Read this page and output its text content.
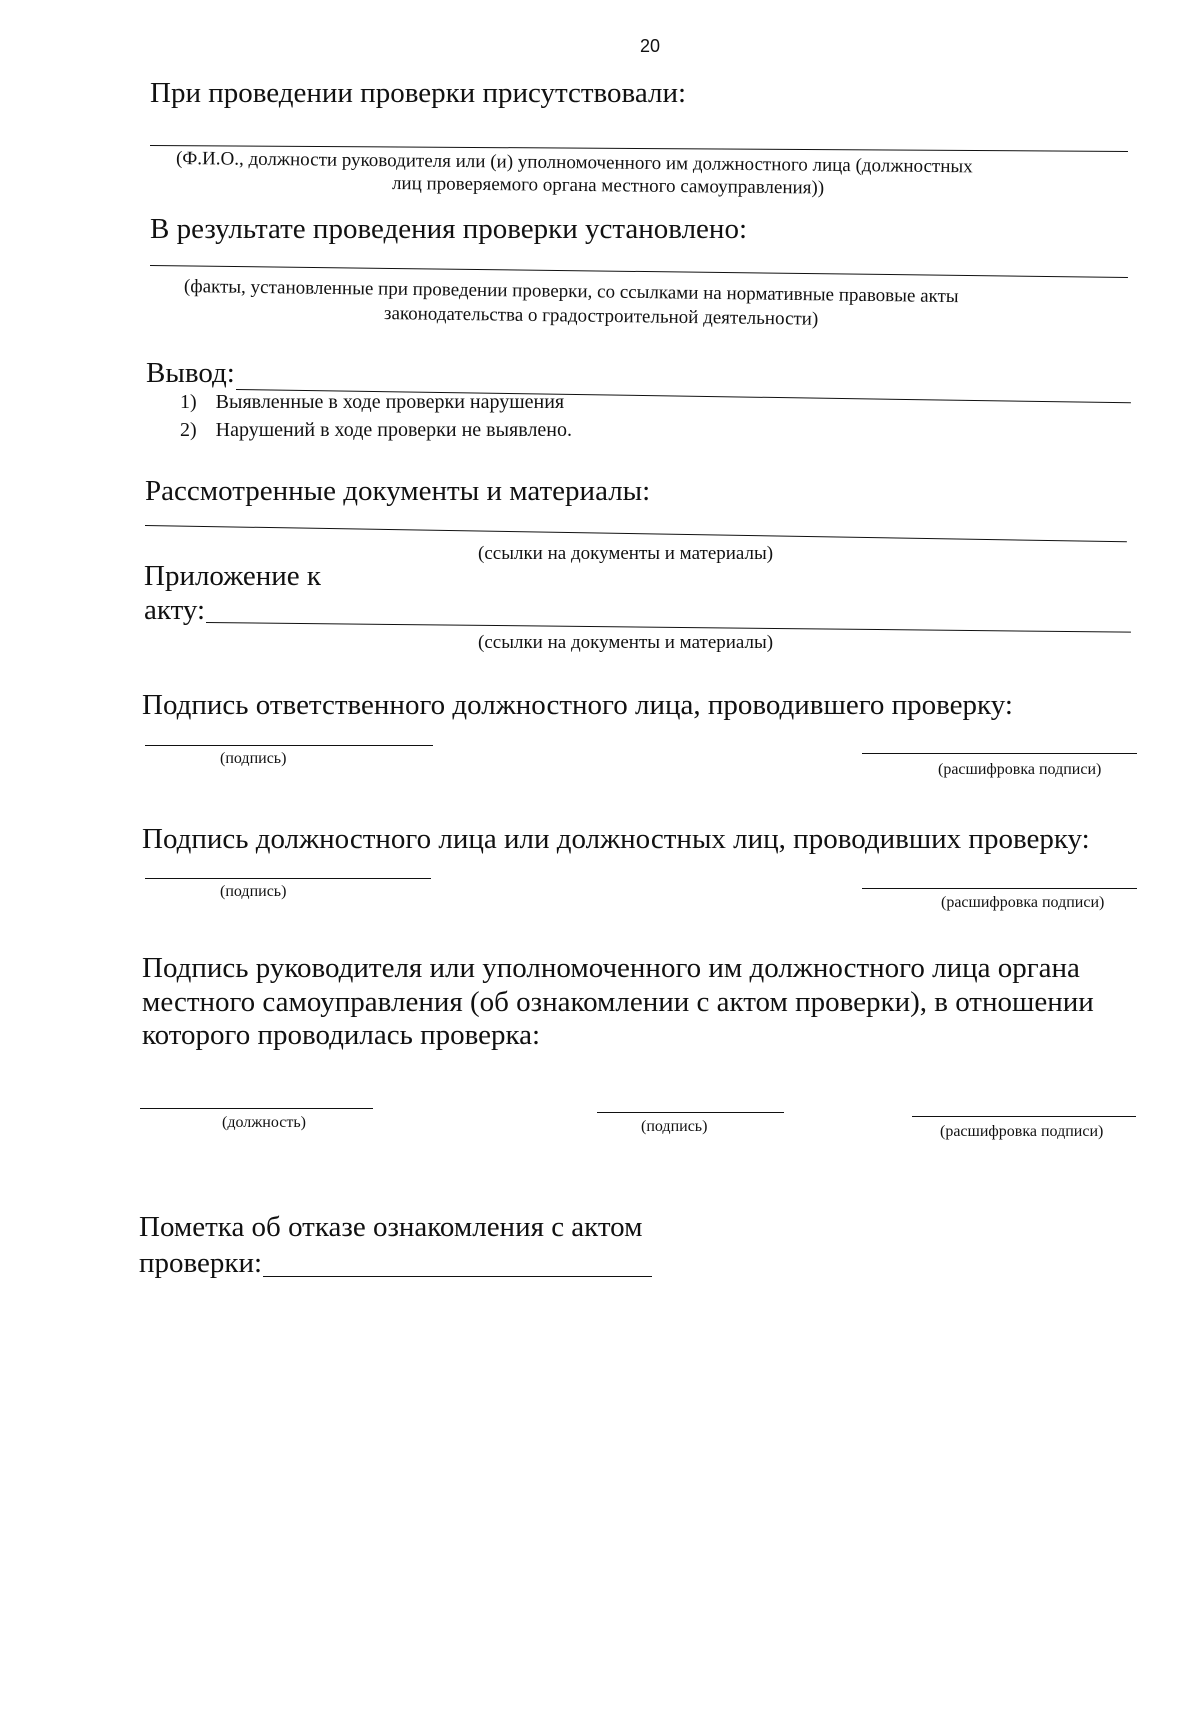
20
При проведении проверки присутствовали:
(Ф.И.О., должности руководителя или (и) уполномоченного им должностного лица (должностных
лиц проверяемого органа местного самоуправления))
В результате проведения проверки установлено:
(факты, установленные при проведении проверки, со ссылками на нормативные правовые акты
законодательства о градостроительной деятельности)
Вывод:
1) Выявленные в ходе проверки нарушения
2) Нарушений в ходе проверки не выявлено.
Рассмотренные документы и материалы:
(ссылки на документы и материалы)
Приложение к
акту:
(ссылки на документы и материалы)
Подпись ответственного должностного лица, проводившего проверку:
(подпись)
(расшифровка подписи)
Подпись должностного лица или должностных лиц, проводивших проверку:
(подпись)
(расшифровка подписи)
Подпись руководителя или уполномоченного им должностного лица органа
местного самоуправления (об ознакомлении с актом проверки), в отношении
которого проводилась проверка:
(должность)	(подпись)	(расшифровка подписи)
Пометка об отказе ознакомления с актом
проверки:
